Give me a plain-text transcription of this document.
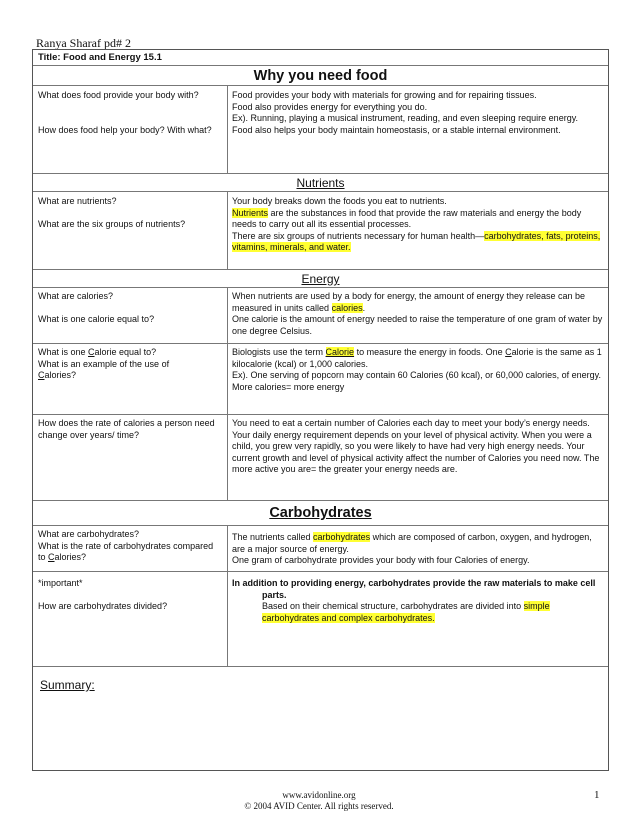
Ranya Sharaf pd# 2
Title: Food and Energy 15.1
Why you need food
What does food provide your body with?
How does food help your body? With what?
Food provides your body with materials for growing and for repairing tissues.
Food also provides energy for everything you do.
Ex). Running, playing a musical instrument, reading, and even sleeping require energy.
Food also helps your body maintain homeostasis, or a stable internal environment.
Nutrients
What are nutrients?
What are the six groups of nutrients?
Your body breaks down the foods you eat to nutrients.
Nutrients are the substances in food that provide the raw materials and energy the body needs to carry out all its essential processes.
There are six groups of nutrients necessary for human health—carbohydrates, fats, proteins, vitamins, minerals, and water.
Energy
What are calories?
What is one calorie equal to?
When nutrients are used by a body for energy, the amount of energy they release can be measured in units called calories.
One calorie is the amount of energy needed to raise the temperature of one gram of water by one degree Celsius.
What is one Calorie equal to?
What is an example of the use of
Calories?
Biologists use the term Calorie to measure the energy in foods. One Calorie is the same as 1 kilocalorie (kcal) or 1,000 calories.
Ex). One serving of popcorn may contain 60 Calories (60 kcal), or 60,000 calories, of energy.
More calories= more energy
How does the rate of calories a person need change over years/ time?
You need to eat a certain number of Calories each day to meet your body’s energy needs. Your daily energy requirement depends on your level of physical activity. When you were a child, you grew very rapidly, so you were likely to have had very high energy needs. Your current growth and level of physical activity affect the number of Calories you need now. The more active you are= the greater your energy needs are.
Carbohydrates
What are carbohydrates?
What is the rate of carbohydrates compared to Calories?
The nutrients called carbohydrates which are composed of carbon, oxygen, and hydrogen, are a major source of energy.
One gram of carbohydrate provides your body with four Calories of energy.
*important*
How are carbohydrates divided?
In addition to providing energy, carbohydrates provide the raw materials to make cell parts.
Based on their chemical structure, carbohydrates are divided into simple carbohydrates and complex carbohydrates.
Summary:
www.avidonline.org
© 2004 AVID Center. All rights reserved.
1
